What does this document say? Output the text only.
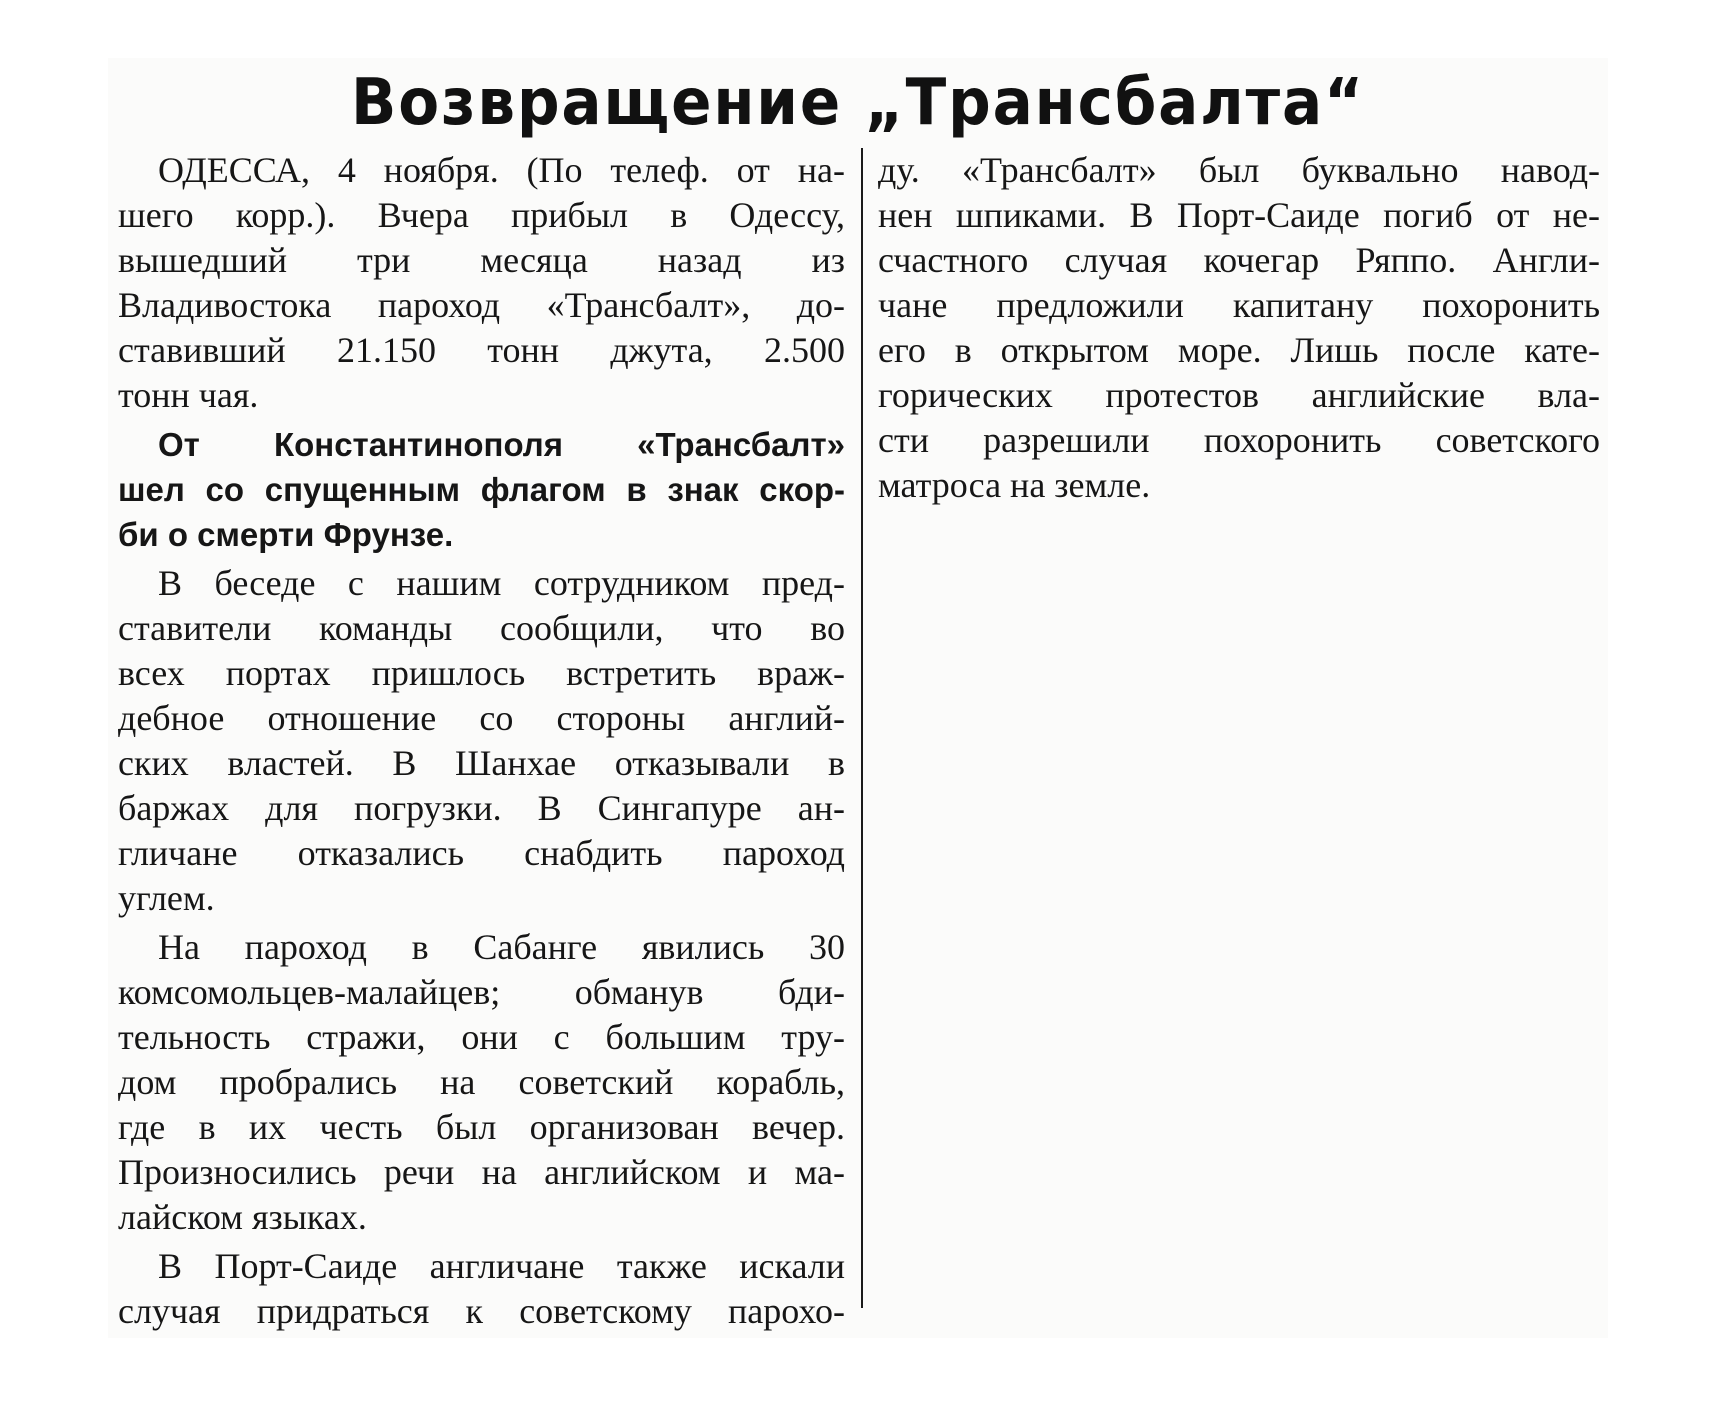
Возвращение „Трансбалта“
ОДЕССА, 4 ноября. (По телеф. от на-
шего корр.). Вчера прибыл в Одессу,
вышедший три месяца назад из
Владивостока пароход «Трансбалт», до-
ставивший 21.150 тонн джута, 2.500
тонн чая.
От Константинополя «Трансбалт»
шел со спущенным флагом в знак скор-
би о смерти Фрунзе.
В беседе с нашим сотрудником пред-
ставители команды сообщили, что во
всех портах пришлось встретить враж-
дебное отношение со стороны англий-
ских властей. В Шанхае отказывали в
баржах для погрузки. В Сингапуре ан-
гличане отказались снабдить пароход
углем.
На пароход в Сабанге явились 30
комсомольцев-малайцев; обманув бди-
тельность стражи, они с большим тру-
дом пробрались на советский корабль,
где в их честь был организован вечер.
Произносились речи на английском и ма-
лайском языках.
В Порт-Саиде англичане также искали
случая придраться к советскому парохо-
ду. «Трансбалт» был буквально навод-
нен шпиками. В Порт-Саиде погиб от не-
счастного случая кочегар Ряппо. Англи-
чане предложили капитану похоронить
его в открытом море. Лишь после кате-
горических протестов английские вла-
сти разрешили похоронить советского
матроса на земле.
